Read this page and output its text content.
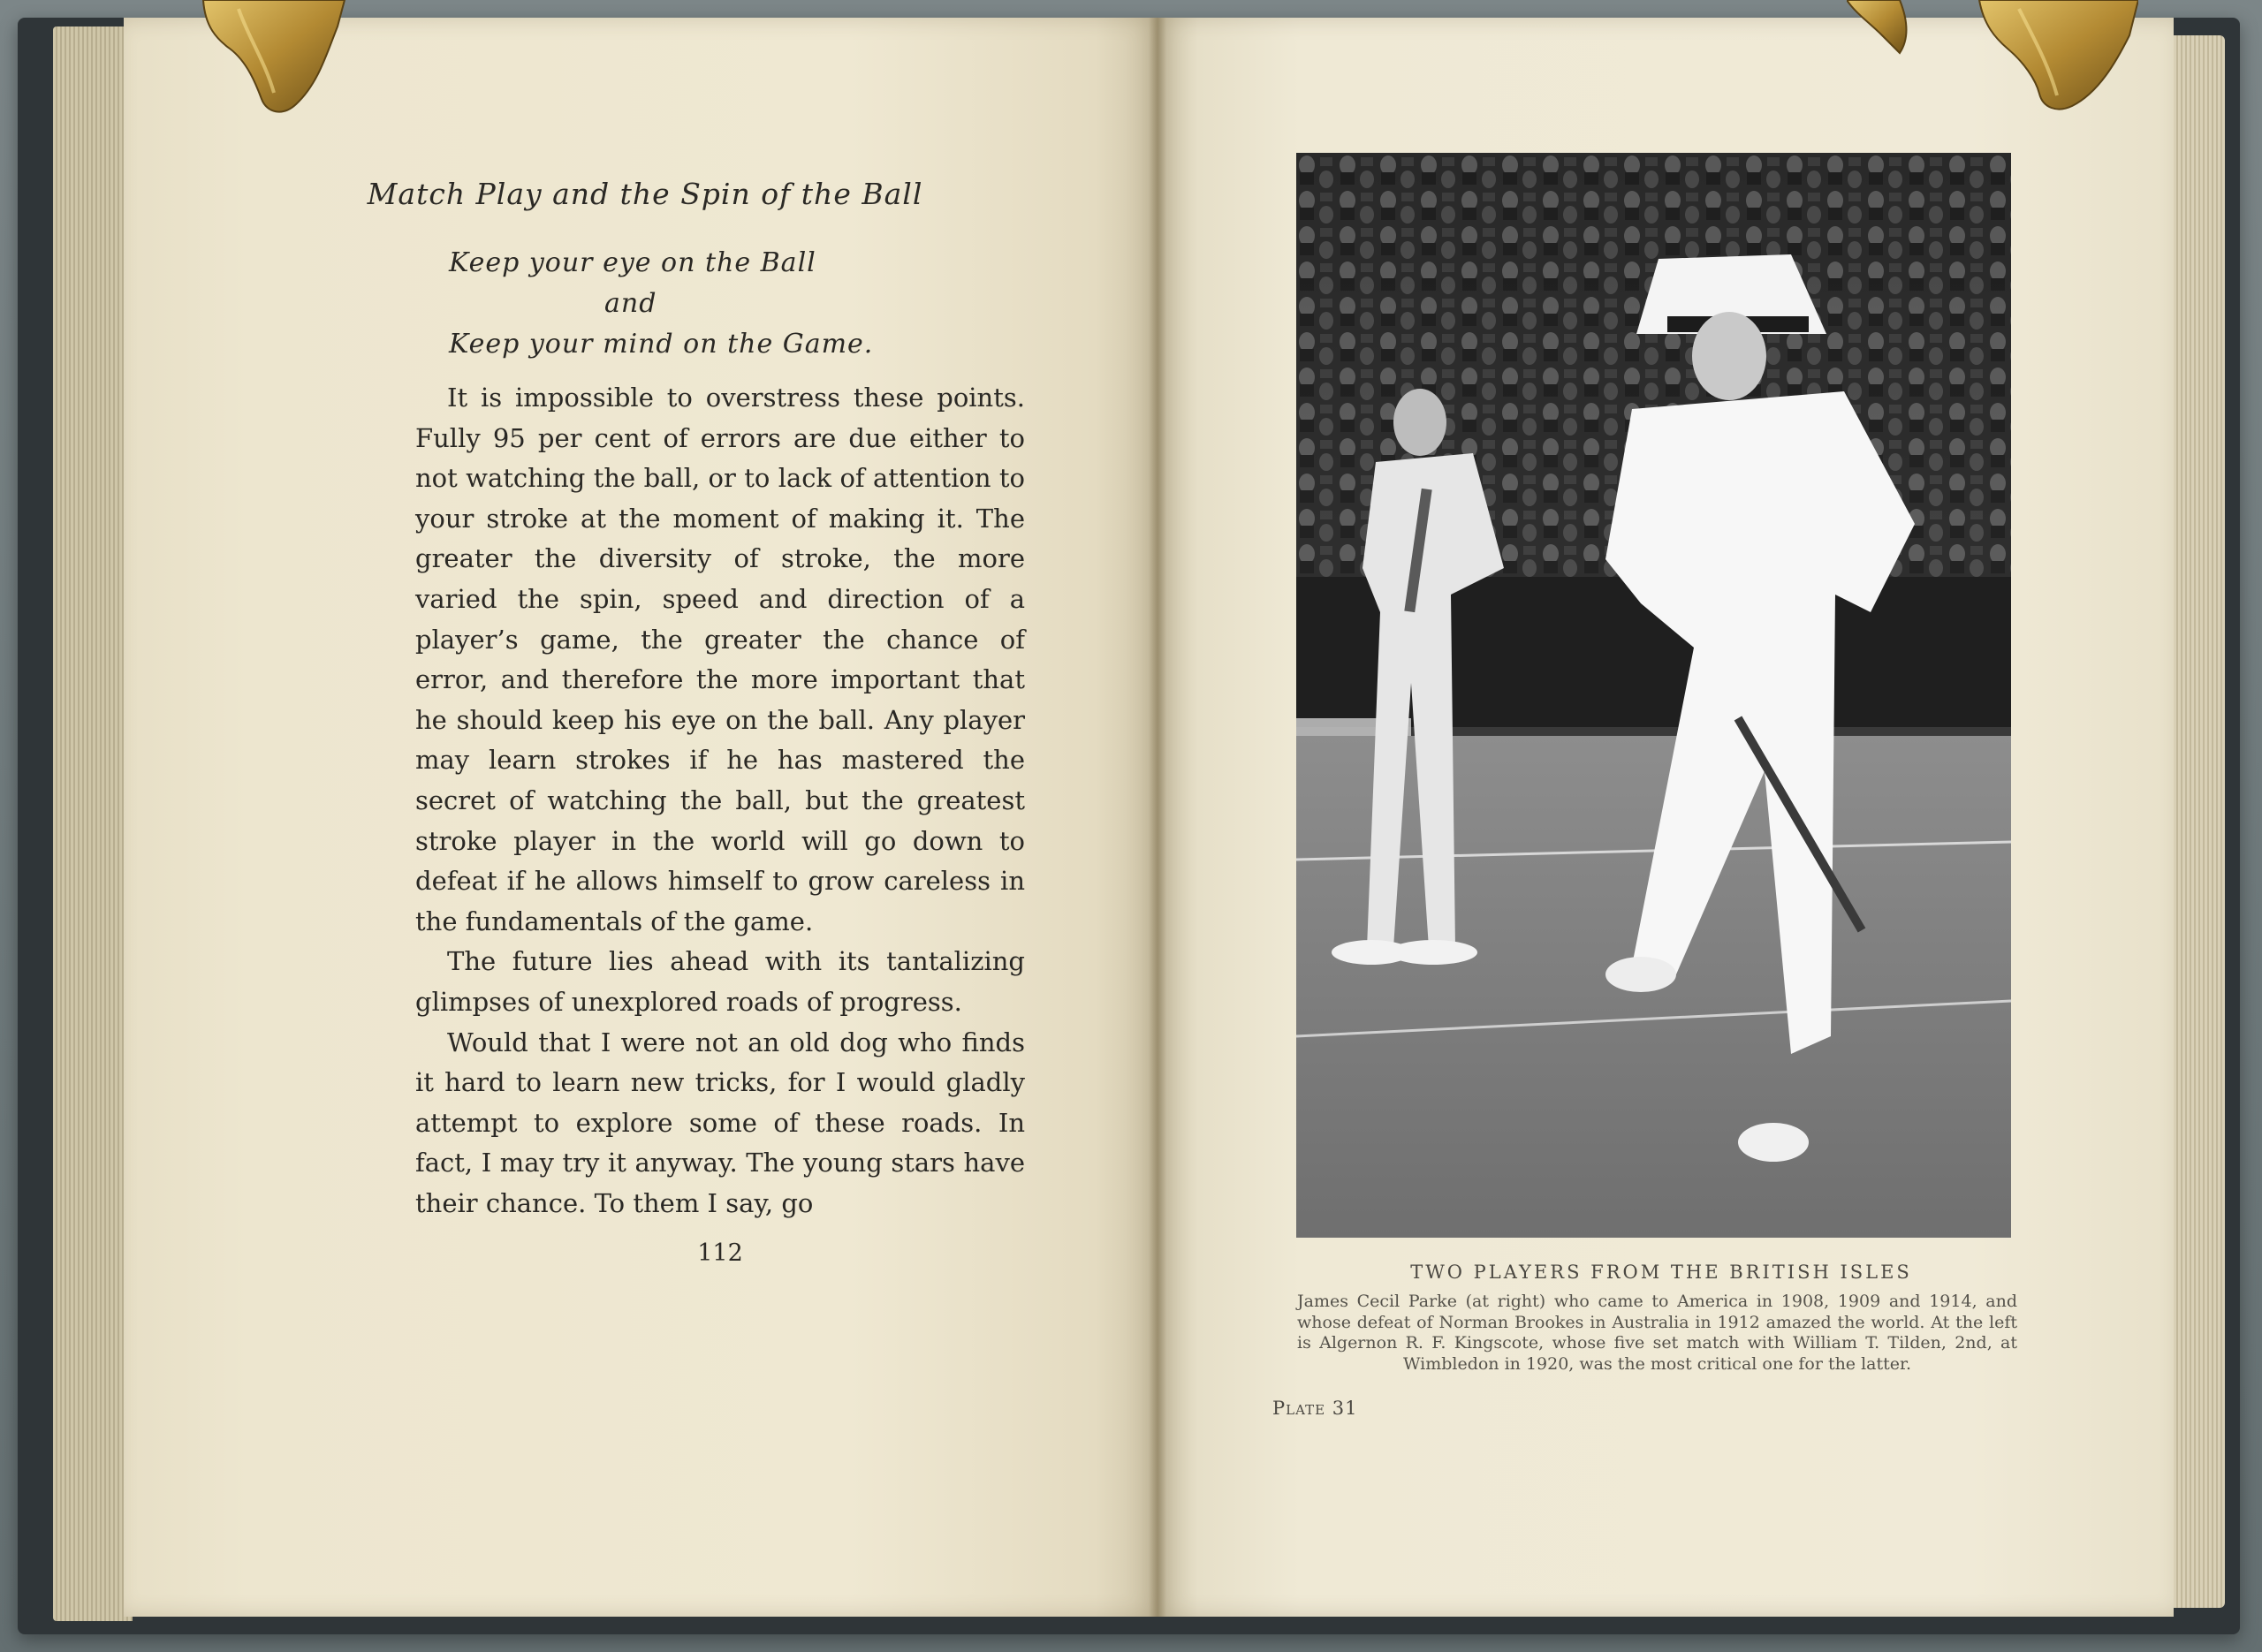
Match Play and the Spin of the Ball
Keep your eye on the Ball
and
Keep your mind on the Game.

It is impossible to overstress these points. Fully 95 per cent of errors are due either to not watching the ball, or to lack of attention to your stroke at the moment of making it. The greater the diversity of stroke, the more varied the spin, speed and direction of a player’s game, the greater the chance of error, and therefore the more important that he should keep his eye on the ball. Any player may learn strokes if he has mastered the secret of watching the ball, but the greatest stroke player in the world will go down to defeat if he allows himself to grow careless in the fundamentals of the game.

The future lies ahead with its tantalizing glimpses of unexplored roads of progress.

Would that I were not an old dog who finds it hard to learn new tricks, for I would gladly attempt to explore some of these roads. In fact, I may try it anyway. The young stars have their chance. To them I say, go

112
TWO PLAYERS FROM THE BRITISH ISLES
James Cecil Parke (at right) who came to America in 1908, 1909 and 1914, and whose defeat of Norman Brookes in Australia in 1912 amazed the world. At the left is Algernon R. F. Kingscote, whose five set match with William T. Tilden, 2nd, at Wimbledon in 1920, was the most critical one for the latter.
Plate 31
